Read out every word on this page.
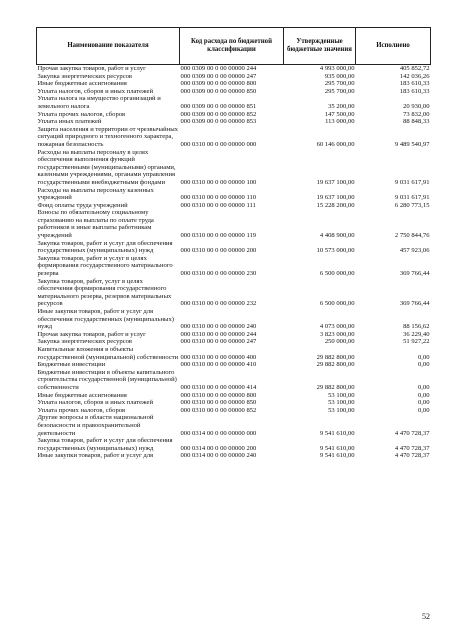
Наименование показателя	Код расхода по бюджетной классификации	Утвержденные бюджетные значения	Исполнено
Прочая закупка товаров, работ и услуг	000 0309 00 0 00 00000 244	4 993 000,00	405 852,72
Закупка энергетических ресурсов	000 0309 00 0 00 00000 247	935 000,00	142 036,26
Иные бюджетные ассигнования	000 0309 00 0 00 00000 800	295 700,00	183 610,33
Уплата налогов, сборов и иных платежей	000 0309 00 0 00 00000 850	295 700,00	183 610,33
Уплата налога на имущество организаций и земельного налога	000 0309 00 0 00 00000 851	35 200,00	20 930,00
Уплата прочих налогов, сборов	000 0309 00 0 00 00000 852	147 500,00	73 832,00
Уплата иных платежей	000 0309 00 0 00 00000 853	113 000,00	88 848,33
Защита населения и территории от чрезвычайных ситуаций природного и техногенного характера, пожарная безопасность	000 0310 00 0 00 00000 000	60 146 000,00	9 489 540,97
Расходы на выплаты персоналу в целях обеспечения выполнения функций государственными (муниципальными) органами, казенными учреждениями, органами управления государственными внебюджетными фондами	000 0310 00 0 00 00000 100	19 637 100,00	9 031 617,91
Расходы на выплаты персоналу казенных учреждений	000 0310 00 0 00 00000 110	19 637 100,00	9 031 617,91
Фонд оплаты труда учреждений	000 0310 00 0 00 00000 111	15 228 200,00	6 280 773,15
Взносы по обязательному социальному страхованию на выплаты по оплате труда работников и иные выплаты работникам учреждений	000 0310 00 0 00 00000 119	4 408 900,00	2 750 844,76
Закупка товаров, работ и услуг для обеспечения государственных (муниципальных) нужд	000 0310 00 0 00 00000 200	10 573 000,00	457 923,06
Закупка товаров, работ и услуг в целях формирования государственного материального резерва	000 0310 00 0 00 00000 230	6 500 000,00	369 766,44
Закупка товаров, работ, услуг в целях обеспечения формирования государственного материального резерва, резервов материальных ресурсов	000 0310 00 0 00 00000 232	6 500 000,00	369 766,44
Иные закупки товаров, работ и услуг для обеспечения государственных (муниципальных) нужд	000 0310 00 0 00 00000 240	4 073 000,00	88 156,62
Прочая закупка товаров, работ и услуг	000 0310 00 0 00 00000 244	3 823 000,00	36 229,40
Закупка энергетических ресурсов	000 0310 00 0 00 00000 247	250 000,00	51 927,22
Капитальные вложения в объекты государственной (муниципальной) собственности	000 0310 00 0 00 00000 400	29 882 800,00	0,00
Бюджетные инвестиции	000 0310 00 0 00 00000 410	29 882 800,00	0,00
Бюджетные инвестиции в объекты капитального строительства государственной (муниципальной) собственности	000 0310 00 0 00 00000 414	29 882 800,00	0,00
Иные бюджетные ассигнования	000 0310 00 0 00 00000 800	53 100,00	0,00
Уплата налогов, сборов и иных платежей	000 0310 00 0 00 00000 850	53 100,00	0,00
Уплата прочих налогов, сборов	000 0310 00 0 00 00000 852	53 100,00	0,00
Другие вопросы в области национальной безопасности и правоохранительной деятельности	000 0314 00 0 00 00000 000	9 541 610,00	4 470 728,37
Закупка товаров, работ и услуг для обеспечения государственных (муниципальных) нужд	000 0314 00 0 00 00000 200	9 541 610,00	4 470 728,37
Иные закупки товаров, работ и услуг для	000 0314 00 0 00 00000 240	9 541 610,00	4 470 728,37
52
